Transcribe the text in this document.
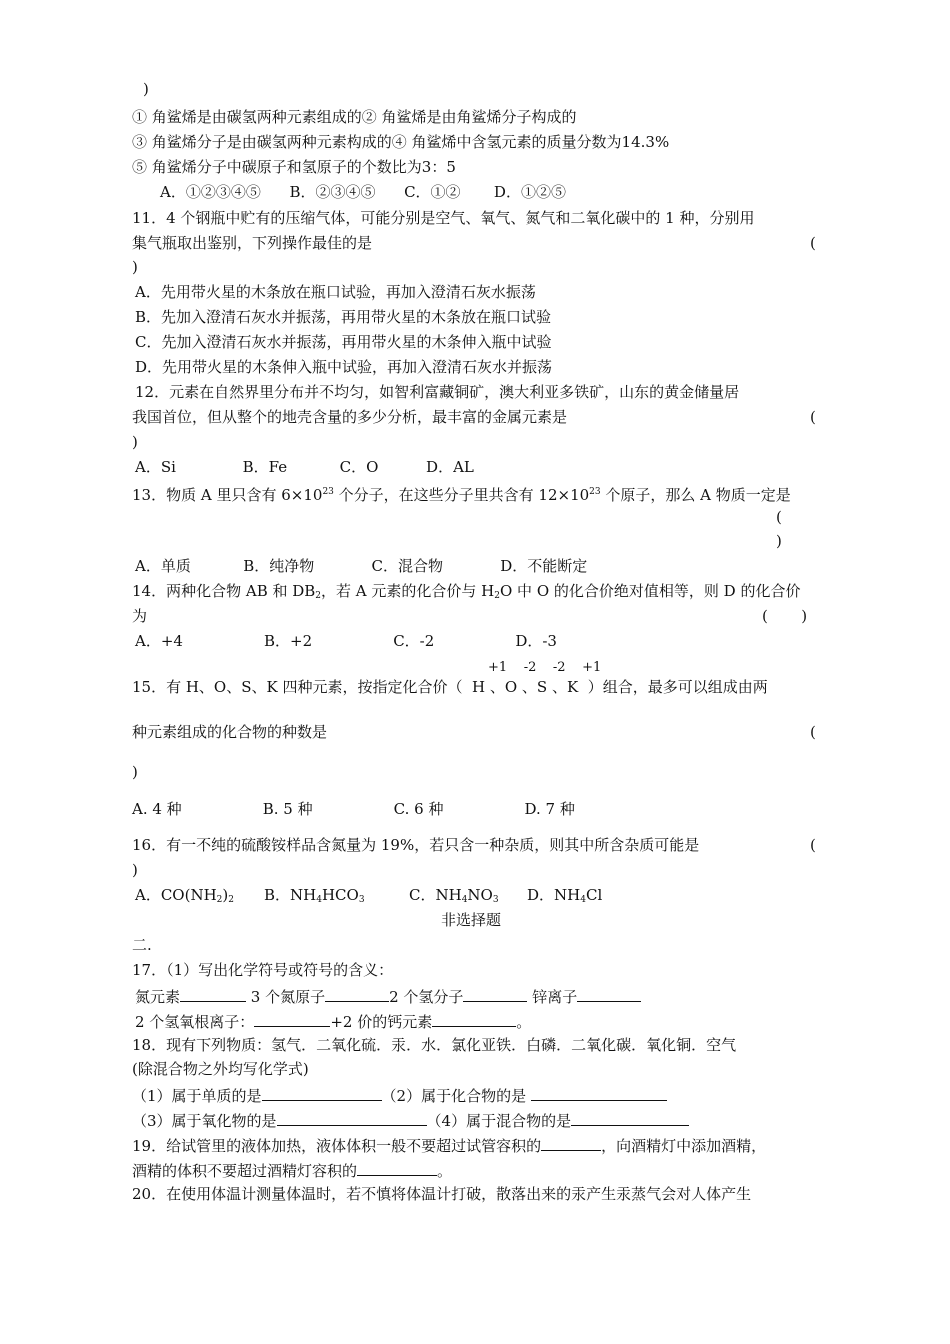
)
① 角鲨烯是由碳氢两种元素组成的② 角鲨烯是由角鲨烯分子构成的
③ 角鲨烯分子是由碳氢两种元素构成的④ 角鲨烯中含氢元素的质量分数为14.3%
⑤ 角鲨烯分子中碳原子和氢原子的个数比为3：5
A．①②③④⑤      B．②③④⑤      C．①②       D．①②⑤
11．4 个钢瓶中贮有的压缩气体，可能分别是空气、氧气、氮气和二氧化碳中的 1 种，分别用
集气瓶取出鉴别，下列操作最佳的是	(
)
A．先用带火星的木条放在瓶口试验，再加入澄清石灰水振荡
B．先加入澄清石灰水并振荡，再用带火星的木条放在瓶口试验
C．先加入澄清石灰水并振荡，再用带火星的木条伸入瓶中试验
D．先用带火星的木条伸入瓶中试验，再加入澄清石灰水并振荡
12．元素在自然界里分布并不均匀，如智利富藏铜矿，澳大利亚多铁矿，山东的黄金储量居
我国首位，但从整个的地壳含量的多少分析，最丰富的金属元素是	(
)
A．Si              B．Fe           C．O          D．AL
13．物质 A 里只含有 $6\times 10^{23}$ 个分子，在这些分子里共含有 $12\times 10^{23}$ 个原子，那么 A 物质一定是
(
)
A．单质           B．纯净物            C．混合物            D．不能断定
14．两种化合物 AB 和 $DB_2$，若 A 元素的化合价与 $H_2O$ 中 O 的化合价绝对值相等，则 D 的化合价
为	(       )
A．+4                 B．+2                 C．-2                 D．-3
+1    -2    -2    +1
15．有 H、O、S、K 四种元素，按指定化合价（  H 、O 、S 、K  ）组合，最多可以组成由两
种元素组成的化合物的种数是	(
)
A. 4 种                 B. 5 种                 C. 6 种                 D. 7 种
16．有一不纯的硫酸铵样品含氮量为 19%，若只含一种杂质，则其中所含杂质可能是	(
)
A．$CO(NH_2)_2$ B．$NH_4HCO_3$	C．$NH_4NO_3$ D．$NH_4Cl$
非选择题
二.
17．（1）写出化学符号或符号的含义：
氮元素	3 个氮原子	2 个氢分子	锌离子
2 个氢氧根离子：	+2 价的钙元素	。
18．现有下列物质：氢气．二氧化硫．汞．水．氯化亚铁．白磷．二氧化碳．氧化铜．空气
(除混合物之外均写化学式)
（1）属于单质的是	（2）属于化合物的是
（3）属于氧化物的是	（4）属于混合物的是
19．给试管里的液体加热，液体体积一般不要超过试管容积的	，向酒精灯中添加酒精，
酒精的体积不要超过酒精灯容积的	。
20．在使用体温计测量体温时，若不慎将体温计打破，散落出来的汞产生汞蒸气会对人体产生
